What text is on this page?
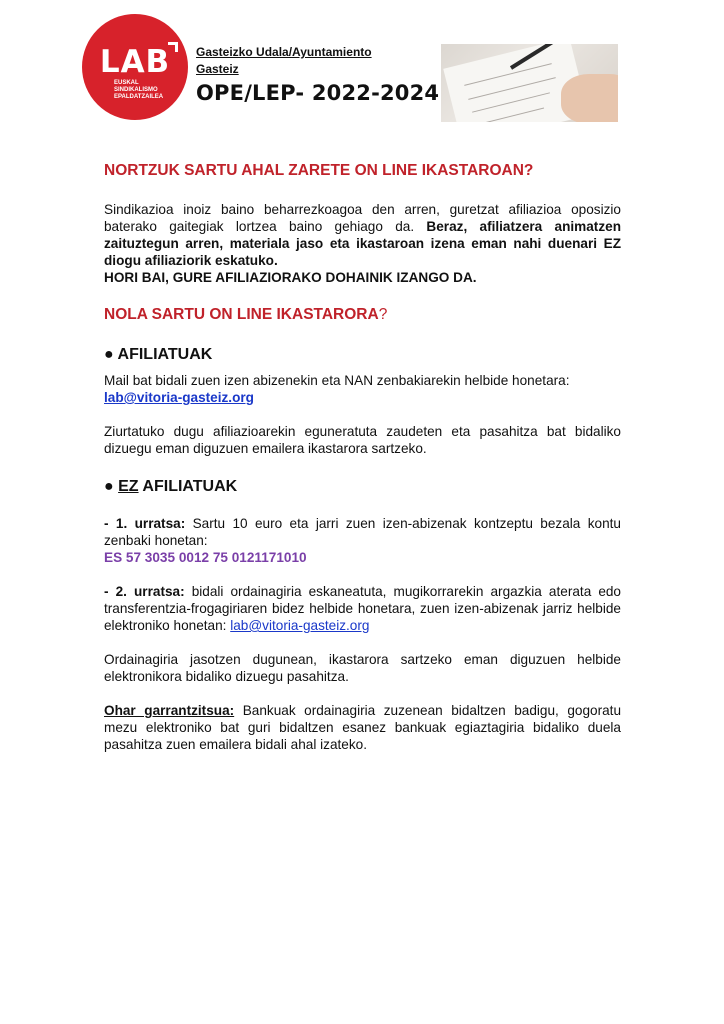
LAB
EUSKAL
SINDIKALISMO
EPALDATZAILEA
Gasteizko Udala/Ayuntamiento
Gasteiz
OPE/LEP- 2022-2024
NORTZUK SARTU AHAL ZARETE ON LINE IKASTAROAN?

Sindikazioa inoiz baino beharrezkoagoa den arren, guretzat afiliazioa oposizio baterako gaitegiak lortzea baino gehiago da. Beraz, afiliatzera animatzen zaituztegun arren, materiala jaso eta ikastaroan izena eman nahi duenari EZ diogu afiliaziorik eskatuko.

HORI BAI, GURE AFILIAZIORAKO DOHAINIK IZANGO DA.

NOLA SARTU ON LINE IKASTARORA?
● AFILIATUAK

Mail bat bidali zuen izen abizenekin eta NAN zenbakiarekin helbide honetara:

lab@vitoria-gasteiz.org

Ziurtatuko dugu afiliazioarekin eguneratuta zaudeten eta pasahitza bat bidaliko dizuegu eman diguzuen emailera ikastarora sartzeko.

● EZ AFILIATUAK

- 1. urratsa: Sartu 10 euro eta jarri zuen izen-abizenak kontzeptu bezala kontu zenbaki honetan:

ES 57 3035 0012 75 0121171010

- 2. urratsa: bidali ordainagiria eskaneatuta, mugikorrarekin argazkia aterata edo transferentzia-frogagiriaren bidez helbide honetara, zuen izen-abizenak jarriz helbide elektroniko honetan: lab@vitoria-gasteiz.org

Ordainagiria jasotzen dugunean, ikastarora sartzeko eman diguzuen helbide elektronikora bidaliko dizuegu pasahitza.

Ohar garrantzitsua: Bankuak ordainagiria zuzenean bidaltzen badigu, gogoratu mezu elektroniko bat guri bidaltzen esanez bankuak egiaztagiria bidaliko duela pasahitza zuen emailera bidali ahal izateko.
